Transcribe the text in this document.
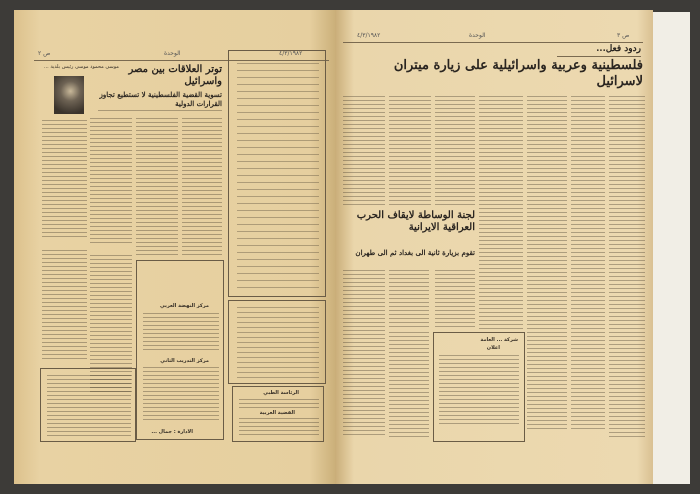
ص ٢	الوحدة	٤/٣/١٩٨٢
موسى محمود موسى رئيس بلدية ... توتر العلاقات بين مصر واسرائيل
تسوية القضية الفلسطينية لا تستطيع تجاوز القرارات الدولية
مركز النهضة العربي
مركز التدريب الثاني
الادارة : جمال ...
الرئاسة الطبي
القضية العربية
٤/٣/١٩٨٢	الوحدة	ص ٣
ردود فعل...
فلسطينية وعربية واسرائيلية على زيارة ميتران لاسرائيل
لجنة الوساطة لايقاف الحرب العراقية الايرانية
تقوم بزيارة ثانية الى بغداد ثم الى طهران
شركة ... العامة
اعلان
